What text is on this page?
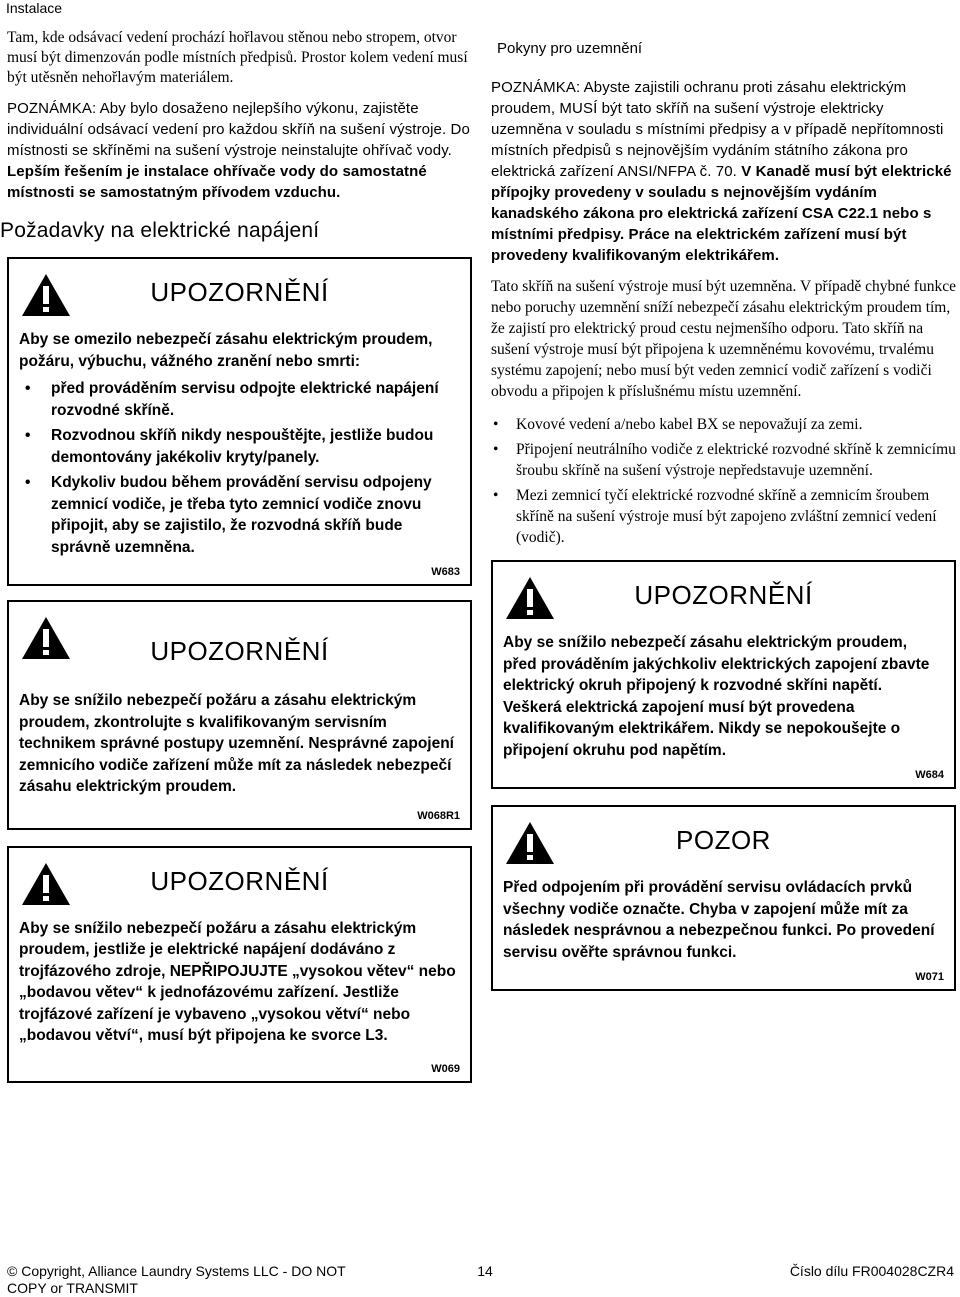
Instalace

Tam, kde odsávací vedení prochází hořlavou stěnou nebo stropem, otvor musí být dimenzován podle místních předpisů. Prostor kolem vedení musí být utěsněn nehořlavým materiálem.

POZNÁMKA: Aby bylo dosaženo nejlepšího výkonu, zajistěte individuální odsávací vedení pro každou skříň na sušení výstroje. Do místnosti se skříněmi na sušení výstroje neinstalujte ohřívač vody. Lepším řešením je instalace ohřívače vody do samostatné místnosti se samostatným přívodem vzduchu.

Požadavky na elektrické napájení
UPOZORNĚNÍ
Aby se omezilo nebezpečí zásahu elektrickým proudem, požáru, výbuchu, vážného zranění nebo smrti:
• před prováděním servisu odpojte elektrické napájení rozvodné skříně.
• Rozvodnou skříň nikdy nespouštějte, jestliže budou demontovány jakékoliv kryty/panely.
• Kdykoliv budou během provádění servisu odpojeny zemnicí vodiče, je třeba tyto zemnicí vodiče znovu připojit, aby se zajistilo, že rozvodná skříň bude správně uzemněna.
W683
UPOZORNĚNÍ
Aby se snížilo nebezpečí požáru a zásahu elektrickým proudem, zkontrolujte s kvalifikovaným servisním technikem správné postupy uzemnění. Nesprávné zapojení zemnicího vodiče zařízení může mít za následek nebezpečí zásahu elektrickým proudem.
W068R1
UPOZORNĚNÍ
Aby se snížilo nebezpečí požáru a zásahu elektrickým proudem, jestliže je elektrické napájení dodáváno z trojfázového zdroje, NEPŘIPOJUJTE „vysokou větev“ nebo „bodavou větev“ k jednofázovému zařízení. Jestliže trojfázové zařízení je vybaveno „vysokou větví“ nebo „bodavou větví“, musí být připojena ke svorce L3.
W069
Pokyny pro uzemnění

POZNÁMKA: Abyste zajistili ochranu proti zásahu elektrickým proudem, MUSÍ být tato skříň na sušení výstroje elektricky uzemněna v souladu s místními předpisy a v případě nepřítomnosti místních předpisů s nejnovějším vydáním státního zákona pro elektrická zařízení ANSI/NFPA č. 70. V Kanadě musí být elektrické přípojky provedeny v souladu s nejnovějším vydáním kanadského zákona pro elektrická zařízení CSA C22.1 nebo s místními předpisy. Práce na elektrickém zařízení musí být provedeny kvalifikovaným elektrikářem.

Tato skříň na sušení výstroje musí být uzemněna. V případě chybné funkce nebo poruchy uzemnění sníží nebezpečí zásahu elektrickým proudem tím, že zajistí pro elektrický proud cestu nejmenšího odporu. Tato skříň na sušení výstroje musí být připojena k uzemněnému kovovému, trvalému systému zapojení; nebo musí být veden zemnicí vodič zařízení s vodiči obvodu a připojen k příslušnému místu uzemnění.

• Kovové vedení a/nebo kabel BX se nepovažují za zemi.
• Připojení neutrálního vodiče z elektrické rozvodné skříně k zemnicímu šroubu skříně na sušení výstroje nepředstavuje uzemnění.
• Mezi zemnicí tyčí elektrické rozvodné skříně a zemnicím šroubem skříně na sušení výstroje musí být zapojeno zvláštní zemnicí vedení (vodič).
UPOZORNĚNÍ
Aby se snížilo nebezpečí zásahu elektrickým proudem, před prováděním jakýchkoliv elektrických zapojení zbavte elektrický okruh připojený k rozvodné skříni napětí. Veškerá elektrická zapojení musí být provedena kvalifikovaným elektrikářem. Nikdy se nepokoušejte o připojení okruhu pod napětím.
W684
POZOR
Před odpojením při provádění servisu ovládacích prvků všechny vodiče označte. Chyba v zapojení může mít za následek nesprávnou a nebezpečnou funkci. Po provedení servisu ověřte správnou funkci.
W071
© Copyright, Alliance Laundry Systems LLC - DO NOT COPY or TRANSMIT
14	Číslo dílu FR004028CZR4
